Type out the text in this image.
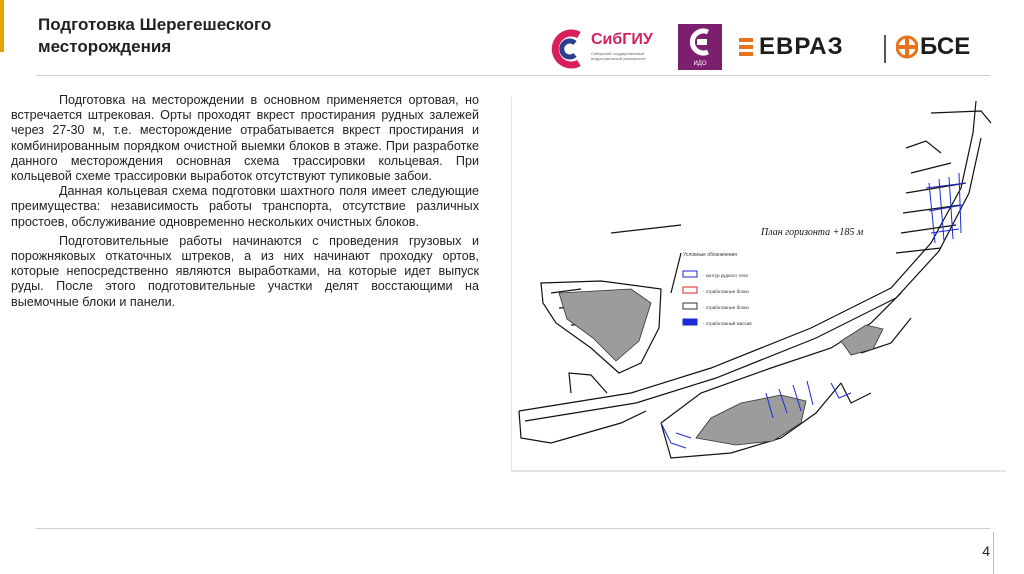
Подготовка Шерегешеского месторождения	СибГИУ
Сибирский государственный индустриальный университет
ИДО
ЕВРАЗ	БСЕ

Подготовка на месторождении в основном применяется ортовая, но встречается штрековая. Орты проходят вкрест простирания рудных залежей через 27-30 м, т.е. месторождение отрабатывается вкрест простирания и комбинированным порядком очистной выемки блоков в этаже. При разработке данного месторождения основная схема трассировки кольцевая. При кольцевой схеме трассировки выработок отсутствуют тупиковые забои.

Данная кольцевая схема подготовки шахтного поля имеет следующие преимущества: независимость работы транспорта, отсутствие различных простоев, обслуживание одновременно нескольких очистных блоков.

Подготовительные работы начинаются с проведения грузовых и порожняковых откаточных штреков, а из них начинают проходку ортов, которые непосредственно являются выработками, на которые идет выпуск руды. После этого подготовительные участки делят восстающими на выемочные блоки и панели.

Условные обозначения
- контур рудного тела
- отработанные блоки
- отработанные блоки
- отработанный массив
План горизонта +185 м
4
